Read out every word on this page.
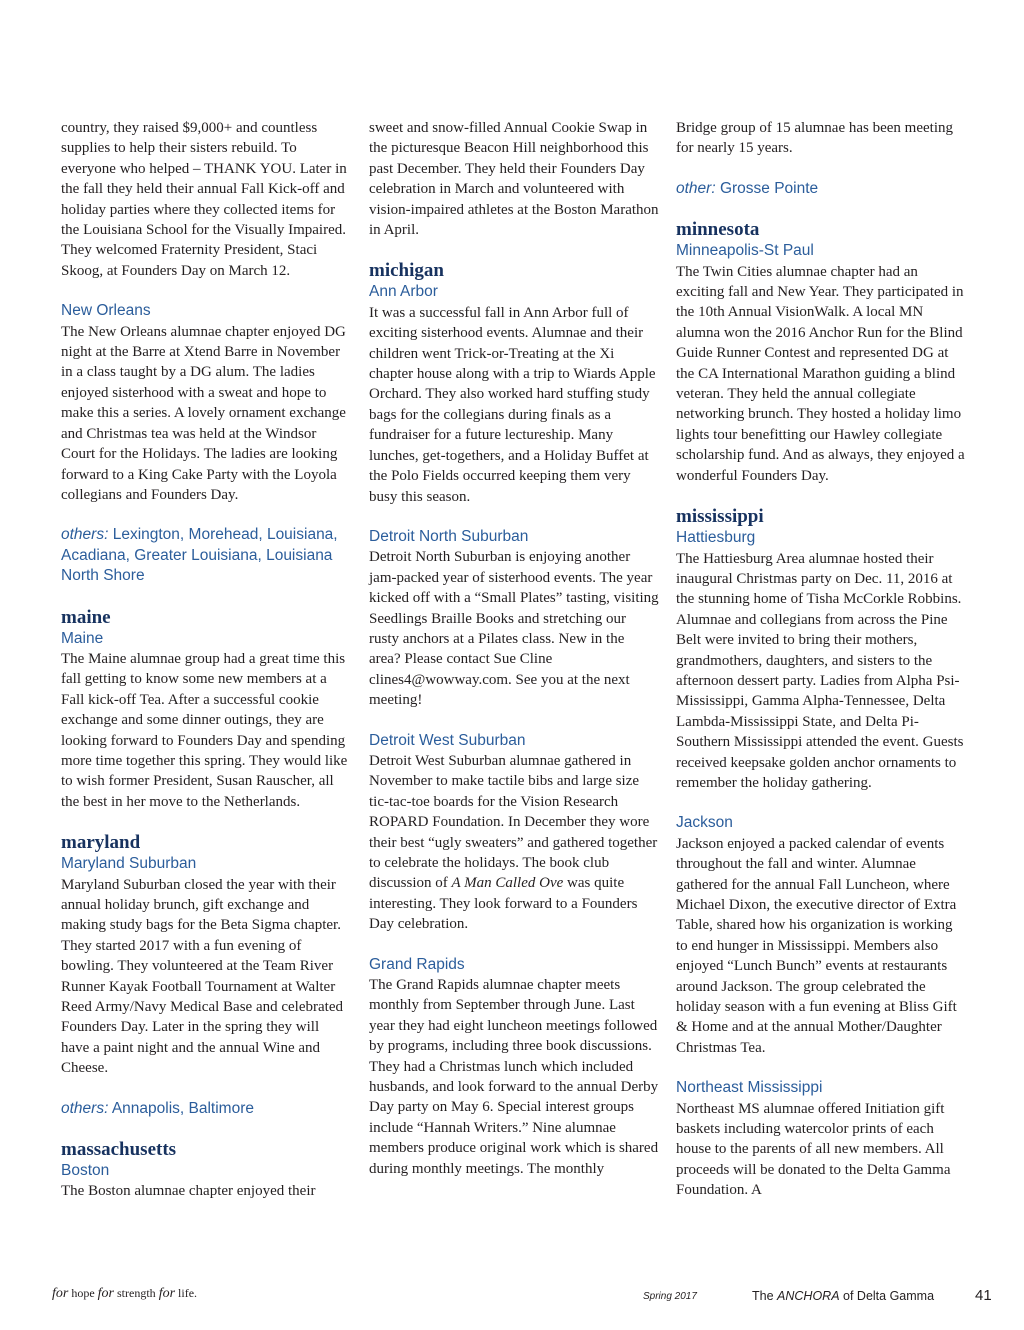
country, they raised $9,000+ and countless supplies to help their sisters rebuild. To everyone who helped – THANK YOU. Later in the fall they held their annual Fall Kick-off and holiday parties where they collected items for the Louisiana School for the Visually Impaired. They welcomed Fraternity President, Staci Skoog, at Founders Day on March 12.

New Orleans

The New Orleans alumnae chapter enjoyed DG night at the Barre at Xtend Barre in November in a class taught by a DG alum. The ladies enjoyed sisterhood with a sweat and hope to make this a series. A lovely ornament exchange and Christmas tea was held at the Windsor Court for the Holidays. The ladies are looking forward to a King Cake Party with the Loyola collegians and Founders Day.

others: Lexington, Morehead, Louisiana, Acadiana, Greater Louisiana, Louisiana North Shore
maine
Maine

The Maine alumnae group had a great time this fall getting to know some new members at a Fall kick-off Tea. After a successful cookie exchange and some dinner outings, they are looking forward to Founders Day and spending more time together this spring. They would like to wish former President, Susan Rauscher, all the best in her move to the Netherlands.

maryland
Maryland Suburban

Maryland Suburban closed the year with their annual holiday brunch, gift exchange and making study bags for the Beta Sigma chapter. They started 2017 with a fun evening of bowling. They volunteered at the Team River Runner Kayak Football Tournament at Walter Reed Army/Navy Medical Base and celebrated Founders Day. Later in the spring they will have a paint night and the annual Wine and Cheese.

others: Annapolis, Baltimore
massachusetts
Boston

The Boston alumnae chapter enjoyed their

sweet and snow-filled Annual Cookie Swap in the picturesque Beacon Hill neighborhood this past December. They held their Founders Day celebration in March and volunteered with vision-impaired athletes at the Boston Marathon in April.

michigan
Ann Arbor

It was a successful fall in Ann Arbor full of exciting sisterhood events. Alumnae and their children went Trick-or-Treating at the Xi chapter house along with a trip to Wiards Apple Orchard. They also worked hard stuffing study bags for the collegians during finals as a fundraiser for a future lectureship. Many lunches, get-togethers, and a Holiday Buffet at the Polo Fields occurred keeping them very busy this season.

Detroit North Suburban

Detroit North Suburban is enjoying another jam-packed year of sisterhood events. The year kicked off with a “Small Plates” tasting, visiting Seedlings Braille Books and stretching our rusty anchors at a Pilates class. New in the area? Please contact Sue Cline clines4@wowway.com. See you at the next meeting!

Detroit West Suburban

Detroit West Suburban alumnae gathered in November to make tactile bibs and large size tic-tac-toe boards for the Vision Research ROPARD Foundation. In December they wore their best “ugly sweaters” and gathered together to celebrate the holidays. The book club discussion of A Man Called Ove was quite interesting. They look forward to a Founders Day celebration.

Grand Rapids

The Grand Rapids alumnae chapter meets monthly from September through June. Last year they had eight luncheon meetings followed by programs, including three book discussions. They had a Christmas lunch which included husbands, and look forward to the annual Derby Day party on May 6. Special interest groups include “Hannah Writers.” Nine alumnae members produce original work which is shared during monthly meetings. The monthly

Bridge group of 15 alumnae has been meeting for nearly 15 years.

other: Grosse Pointe
minnesota
Minneapolis-St Paul

The Twin Cities alumnae chapter had an exciting fall and New Year. They participated in the 10th Annual VisionWalk. A local MN alumna won the 2016 Anchor Run for the Blind Guide Runner Contest and represented DG at the CA International Marathon guiding a blind veteran. They held the annual collegiate networking brunch. They hosted a holiday limo lights tour benefitting our Hawley collegiate scholarship fund. And as always, they enjoyed a wonderful Founders Day.

mississippi
Hattiesburg

The Hattiesburg Area alumnae hosted their inaugural Christmas party on Dec. 11, 2016 at the stunning home of Tisha McCorkle Robbins. Alumnae and collegians from across the Pine Belt were invited to bring their mothers, grandmothers, daughters, and sisters to the afternoon dessert party. Ladies from Alpha Psi-Mississippi, Gamma Alpha-Tennessee, Delta Lambda-Mississippi State, and Delta Pi-Southern Mississippi attended the event. Guests received keepsake golden anchor ornaments to remember the holiday gathering.

Jackson

Jackson enjoyed a packed calendar of events throughout the fall and winter. Alumnae gathered for the annual Fall Luncheon, where Michael Dixon, the executive director of Extra Table, shared how his organization is working to end hunger in Mississippi. Members also enjoyed “Lunch Bunch” events at restaurants around Jackson. The group celebrated the holiday season with a fun evening at Bliss Gift & Home and at the annual Mother/Daughter Christmas Tea.

Northeast Mississippi

Northeast MS alumnae offered Initiation gift baskets including watercolor prints of each house to the parents of all new members. All proceeds will be donated to the Delta Gamma Foundation. A

for hope for strength for life.	Spring 2017	The ANCHORA of Delta Gamma	41
